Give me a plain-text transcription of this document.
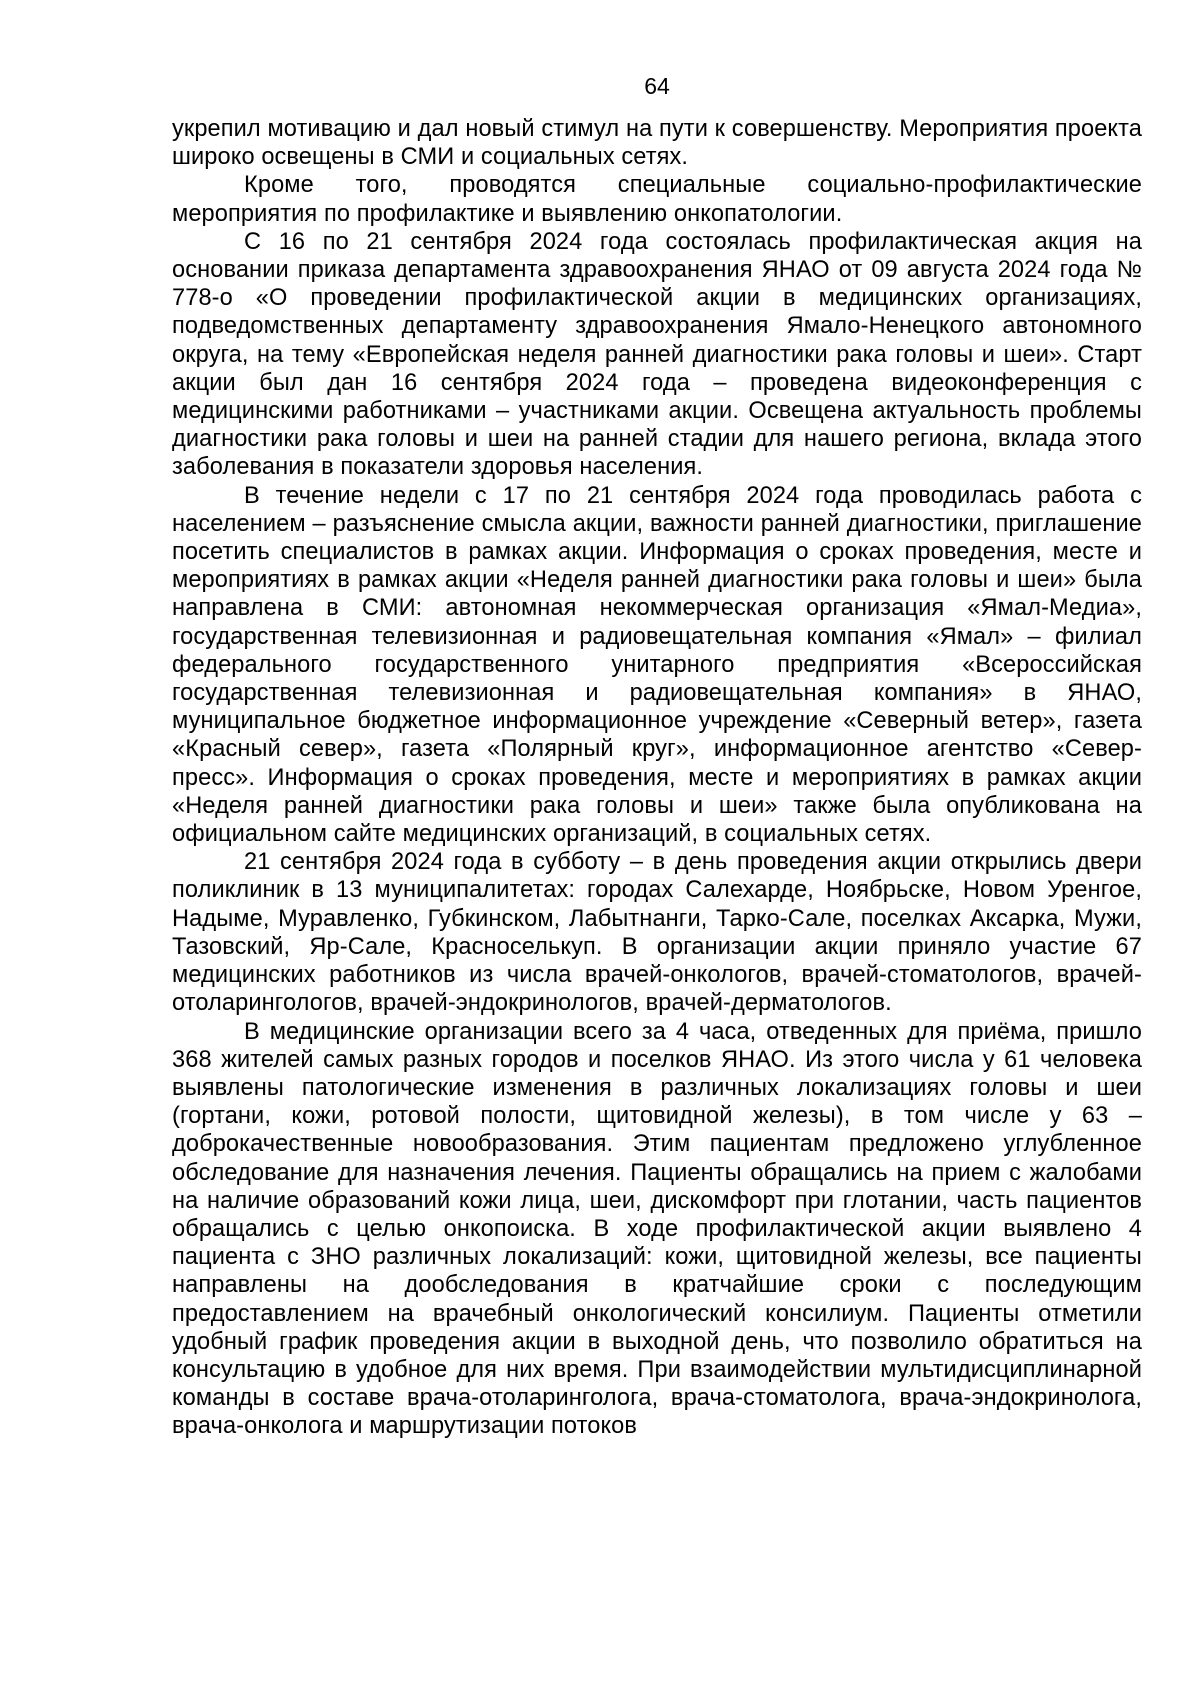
64

укрепил мотивацию и дал новый стимул на пути к совершенству. Мероприятия проекта широко освещены в СМИ и социальных сетях.

Кроме того, проводятся специальные социально-профилактические мероприятия по профилактике и выявлению онкопатологии.

С 16 по 21 сентября 2024 года состоялась профилактическая акция на основании приказа департамента здравоохранения ЯНАО от 09 августа 2024 года № 778-о «О проведении профилактической акции в медицинских организациях, подведомственных департаменту здравоохранения Ямало-Ненецкого автономного округа, на тему «Европейская неделя ранней диагностики рака головы и шеи». Старт акции был дан 16 сентября 2024 года – проведена видеоконференция с медицинскими работниками – участниками акции. Освещена актуальность проблемы диагностики рака головы и шеи на ранней стадии для нашего региона, вклада этого заболевания в показатели здоровья населения.

В течение недели с 17 по 21 сентября 2024 года проводилась работа с населением – разъяснение смысла акции, важности ранней диагностики, приглашение посетить специалистов в рамках акции. Информация о сроках проведения, месте и мероприятиях в рамках акции «Неделя ранней диагностики рака головы и шеи» была направлена в СМИ: автономная некоммерческая организация «Ямал-Медиа», государственная телевизионная и радиовещательная компания «Ямал» – филиал федерального государственного унитарного предприятия «Всероссийская государственная телевизионная и радиовещательная компания» в ЯНАО, муниципальное бюджетное информационное учреждение «Северный ветер», газета «Красный север», газета «Полярный круг», информационное агентство «Север-пресс». Информация о сроках проведения, месте и мероприятиях в рамках акции «Неделя ранней диагностики рака головы и шеи» также была опубликована на официальном сайте медицинских организаций, в социальных сетях.

21 сентября 2024 года в субботу – в день проведения акции открылись двери поликлиник в 13 муниципалитетах: городах Салехарде, Ноябрьске, Новом Уренгое, Надыме, Муравленко, Губкинском, Лабытнанги, Тарко-Сале, поселках Аксарка, Мужи, Тазовский, Яр-Сале, Красноселькуп. В организации акции приняло участие 67 медицинских работников из числа врачей-онкологов, врачей-стоматологов, врачей-отоларингологов, врачей-эндокринологов, врачей-дерматологов.

В медицинские организации всего за 4 часа, отведенных для приёма, пришло 368 жителей самых разных городов и поселков ЯНАО. Из этого числа у 61 человека выявлены патологические изменения в различных локализациях головы и шеи (гортани, кожи, ротовой полости, щитовидной железы), в том числе у 63 – доброкачественные новообразования. Этим пациентам предложено углубленное обследование для назначения лечения. Пациенты обращались на прием с жалобами на наличие образований кожи лица, шеи, дискомфорт при глотании, часть пациентов обращались с целью онкопоиска. В ходе профилактической акции выявлено 4 пациента с ЗНО различных локализаций: кожи, щитовидной железы, все пациенты направлены на дообследования в кратчайшие сроки с последующим предоставлением на врачебный онкологический консилиум. Пациенты отметили удобный график проведения акции в выходной день, что позволило обратиться на консультацию в удобное для них время. При взаимодействии мультидисциплинарной команды в составе врача-отоларинголога, врача-стоматолога, врача-эндокринолога, врача-онколога и маршрутизации потоков
